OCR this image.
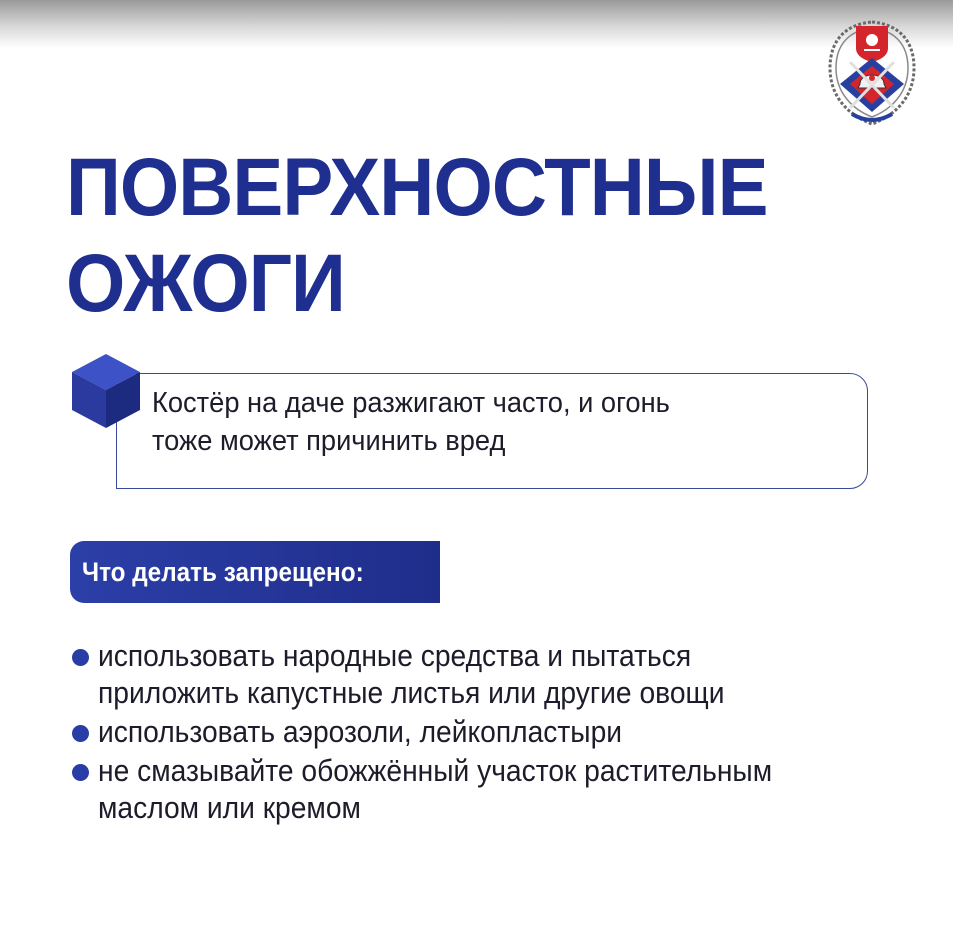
ПОВЕРХНОСТНЫЕ
ОЖОГИ
Костёр на даче разжигают часто, и огонь
тоже может причинить вред
Что делать запрещено:
использовать народные средства и пытаться
приложить капустные листья или другие овощи
использовать аэрозоли, лейкопластыри
не смазывайте обожжённый участок растительным
маслом или кремом
